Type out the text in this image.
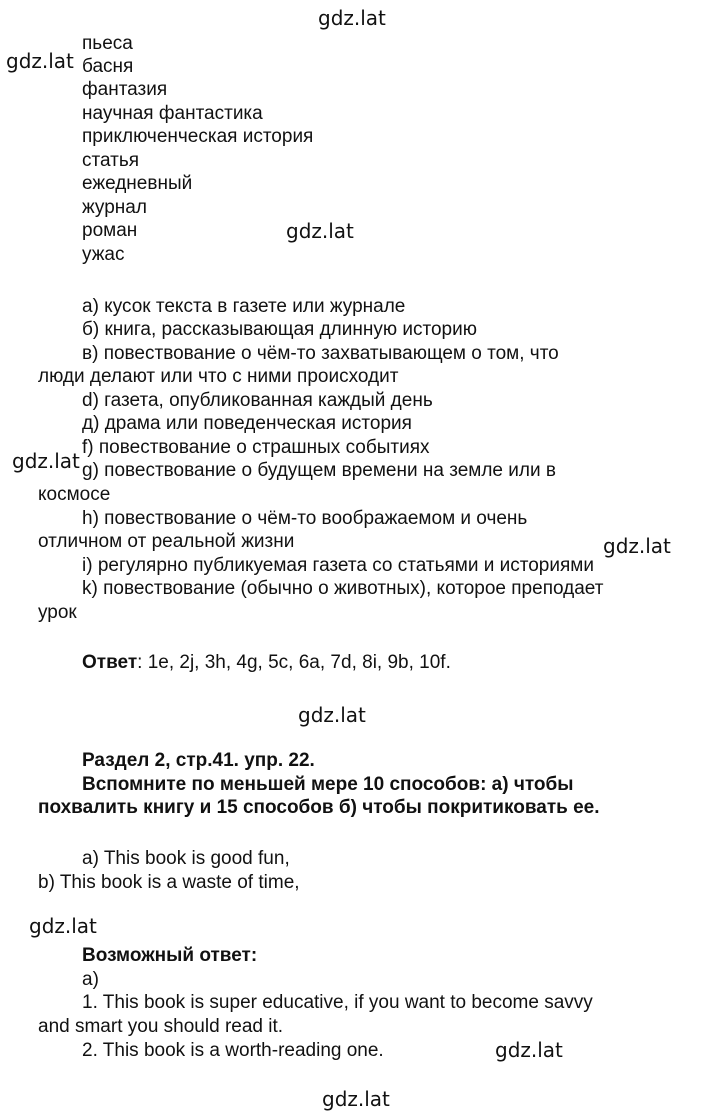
gdz.lat
gdz.lat
gdz.lat
gdz.lat
gdz.lat
gdz.lat
gdz.lat
gdz.lat
gdz.lat
пьеса
басня
фантазия
научная фантастика
приключенческая история
статья
ежедневный
журнал
роман
ужас
а) кусок текста в газете или журнале
б) книга, рассказывающая длинную историю
в) повествование о чём-то захватывающем о том, что
люди делают или что с ними происходит
d) газета, опубликованная каждый день
д) драма или поведенческая история
f) повествование о страшных событиях
g) повествование о будущем времени на земле или в
космосе
h) повествование о чём-то воображаемом и очень
отличном от реальной жизни
i) регулярно публикуемая газета со статьями и историями
k) повествование (обычно о животных), которое преподает
урок
Ответ: 1e, 2j, 3h, 4g, 5c, 6a, 7d, 8i, 9b, 10f.
Раздел 2, стр.41. упр. 22.
Вспомните по меньшей мере 10 способов: а) чтобы
похвалить книгу и 15 способов б) чтобы покритиковать ее.
a) This book is good fun,
b) This book is a waste of time,
Возможный ответ:
а)
1. This book is super educative, if you want to become savvy
and smart you should read it.
2. This book is a worth-reading one.
